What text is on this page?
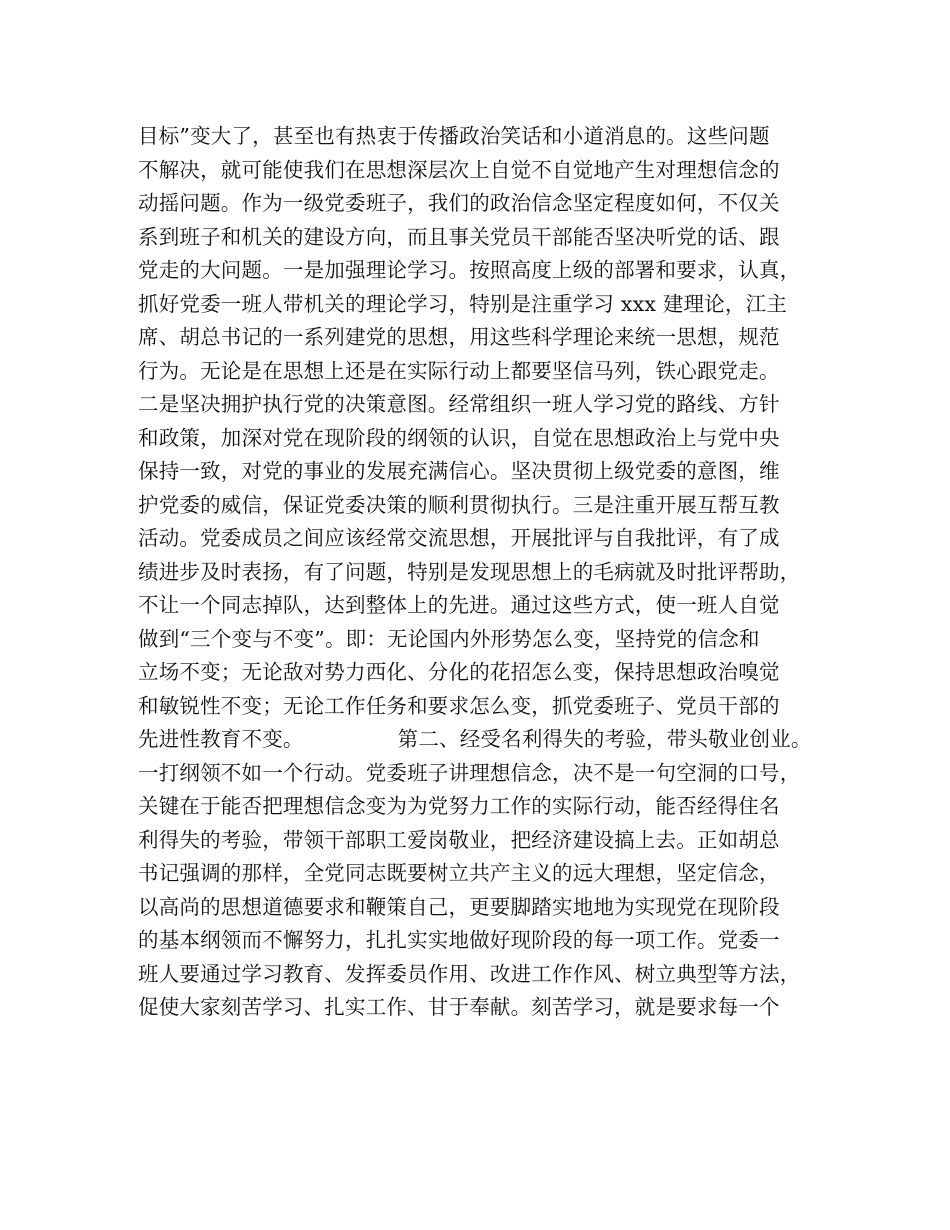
目标”变大了，甚至也有热衷于传播政治笑话和小道消息的。这些问题
不解决，就可能使我们在思想深层次上自觉不自觉地产生对理想信念的
动摇问题。作为一级党委班子，我们的政治信念坚定程度如何，不仅关
系到班子和机关的建设方向，而且事关党员干部能否坚决听党的话、跟
党走的大问题。一是加强理论学习。按照高度上级的部署和要求，认真，
抓好党委一班人带机关的理论学习，特别是注重学习 xxx 建理论，江主
席、胡总书记的一系列建党的思想，用这些科学理论来统一思想，规范
行为。无论是在思想上还是在实际行动上都要坚信马列，铁心跟党走。
二是坚决拥护执行党的决策意图。经常组织一班人学习党的路线、方针
和政策，加深对党在现阶段的纲领的认识，自觉在思想政治上与党中央
保持一致，对党的事业的发展充满信心。坚决贯彻上级党委的意图，维
护党委的威信，保证党委决策的顺利贯彻执行。三是注重开展互帮互教
活动。党委成员之间应该经常交流思想，开展批评与自我批评，有了成
绩进步及时表扬，有了问题，特别是发现思想上的毛病就及时批评帮助，
不让一个同志掉队，达到整体上的先进。通过这些方式，使一班人自觉
做到“三个变与不变”。即：无论国内外形势怎么变，坚持党的信念和
立场不变；无论敌对势力西化、分化的花招怎么变，保持思想政治嗅觉
和敏锐性不变；无论工作任务和要求怎么变，抓党委班子、党员干部的
先进性教育不变。              第二、经受名利得失的考验，带头敬业创业。
一打纲领不如一个行动。党委班子讲理想信念，决不是一句空洞的口号，
关键在于能否把理想信念变为为党努力工作的实际行动，能否经得住名
利得失的考验，带领干部职工爱岗敬业，把经济建设搞上去。正如胡总
书记强调的那样，全党同志既要树立共产主义的远大理想，坚定信念，
以高尚的思想道德要求和鞭策自己，更要脚踏实地地为实现党在现阶段
的基本纲领而不懈努力，扎扎实实地做好现阶段的每一项工作。党委一
班人要通过学习教育、发挥委员作用、改进工作作风、树立典型等方法，
促使大家刻苦学习、扎实工作、甘于奉献。刻苦学习，就是要求每一个
